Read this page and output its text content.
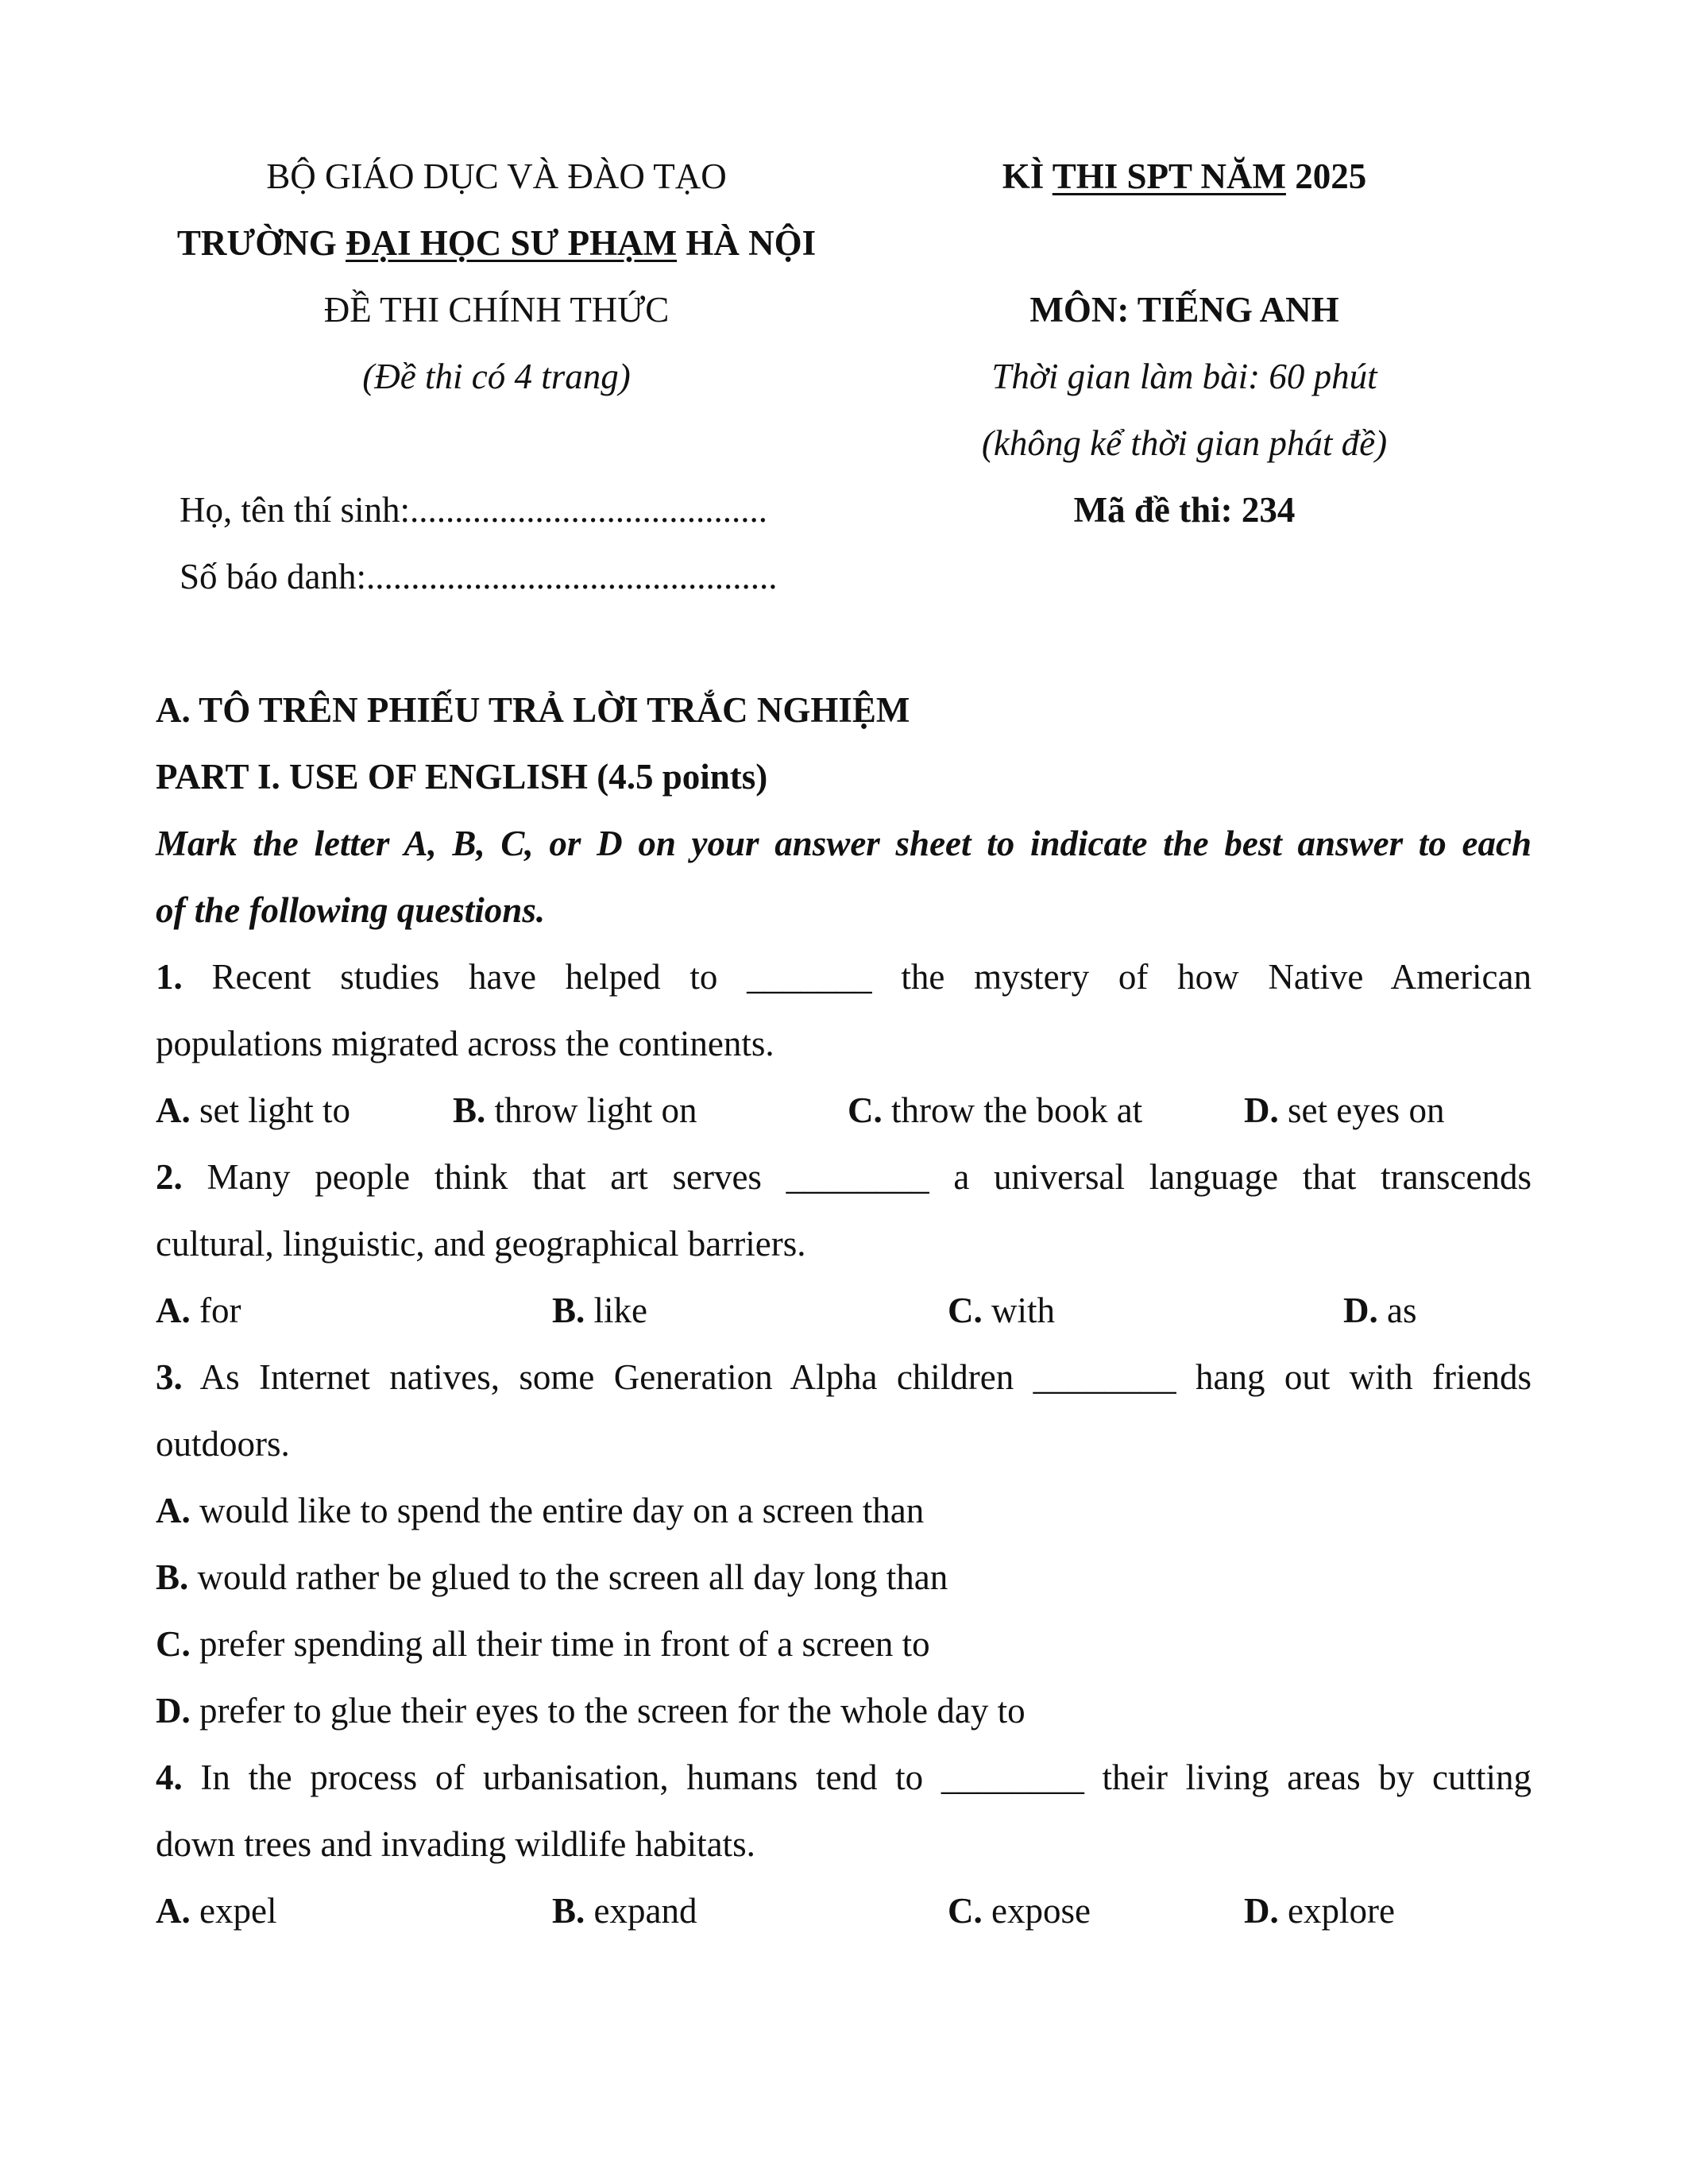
BỘ GIÁO DỤC VÀ ĐÀO TẠO
TRƯỜNG ĐẠI HỌC SƯ PHẠM HÀ NỘI
ĐỀ THI CHÍNH THỨC
(Đề thi có 4 trang)
KÌ THI SPT NĂM 2025
MÔN: TIẾNG ANH
Thời gian làm bài: 60 phút
(không kể thời gian phát đề)
Mã đề thi: 234
Họ, tên thí sinh:........................................
Số báo danh:..............................................
A. TÔ TRÊN PHIẾU TRẢ LỜI TRẮC NGHIỆM
PART I. USE OF ENGLISH (4.5 points)
Mark the letter A, B, C, or D on your answer sheet to indicate the best answer to each
of the following questions.
1. Recent studies have helped to _______ the mystery of how Native American
populations migrated across the continents.
A. set light to	B. throw light on	C. throw the book at	D. set eyes on
2. Many people think that art serves ________ a universal language that transcends
cultural, linguistic, and geographical barriers.
A. for	B. like	C. with	D. as
3. As Internet natives, some Generation Alpha children ________ hang out with friends
outdoors.
A. would like to spend the entire day on a screen than
B. would rather be glued to the screen all day long than
C. prefer spending all their time in front of a screen to
D. prefer to glue their eyes to the screen for the whole day to
4. In the process of urbanisation, humans tend to ________ their living areas by cutting
down trees and invading wildlife habitats.
A. expel	B. expand	C. expose	D. explore
